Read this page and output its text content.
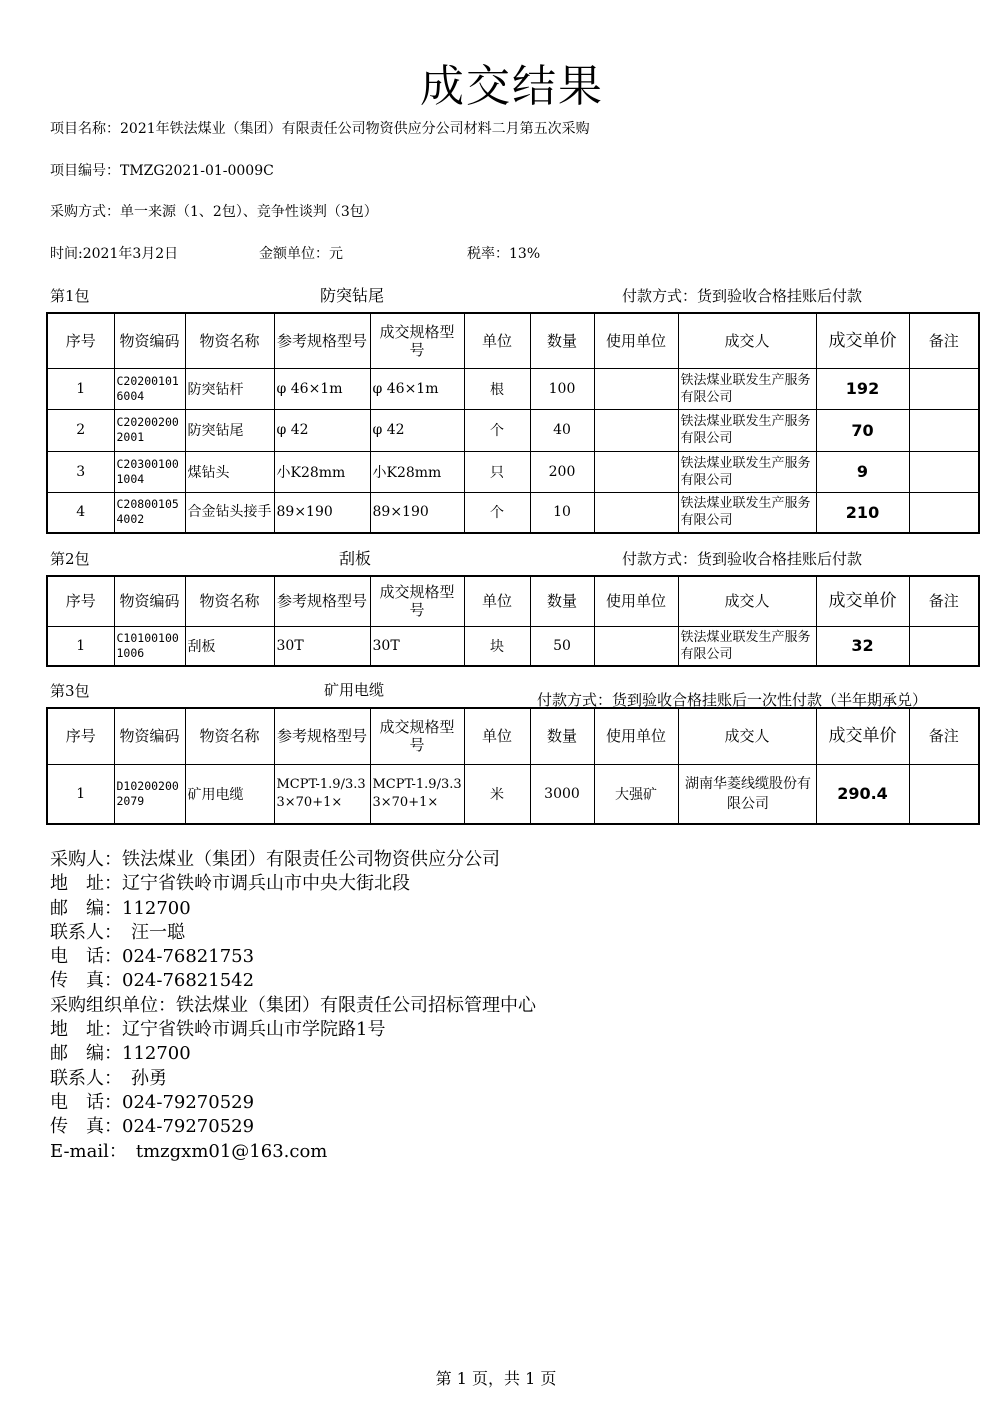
成交结果
项目名称：2021年铁法煤业（集团）有限责任公司物资供应分公司材料二月第五次采购
项目编号：TMZG2021-01-0009C
采购方式：单一来源（1、2包）、竞争性谈判（3包）
时间:2021年3月2日	金额单位：元	税率：13%
第1包	防突钻尾	付款方式：货到验收合格挂账后付款
序号	物资编码	物资名称	参考规格型号	成交规格型号	单位	数量	使用单位	成交人	成交单价	备注
1	C202001016004	防突钻杆	φ 46×1m	φ 46×1m	根	100		铁法煤业联发生产服务有限公司	192	
2	C202002002001	防突钻尾	φ 42	φ 42	个	40		铁法煤业联发生产服务有限公司	70	
3	C203001001004	煤钻头	小K28mm	小K28mm	只	200		铁法煤业联发生产服务有限公司	9	
4	C208001054002	合金钻头接手	89×190	89×190	个	10		铁法煤业联发生产服务有限公司	210	
第2包	刮板	付款方式：货到验收合格挂账后付款
序号	物资编码	物资名称	参考规格型号	成交规格型号	单位	数量	使用单位	成交人	成交单价	备注
1	C101001001006	刮板	30T	30T	块	50		铁法煤业联发生产服务有限公司	32	
第3包	矿用电缆
付款方式：货到验收合格挂账后一次性付款（半年期承兑）
序号	物资编码	物资名称	参考规格型号	成交规格型号	单位	数量	使用单位	成交人	成交单价	备注
1	D102002002079	矿用电缆	MCPT-1.9/3.3 3×70+1×	MCPT-1.9/3.3 3×70+1×	米	3000	大强矿	湖南华菱线缆股份有限公司	290.4	
采购人：铁法煤业（集团）有限责任公司物资供应分公司
地　址：辽宁省铁岭市调兵山市中央大街北段
邮　编：112700
联系人：　汪一聪
电　话：024-76821753
传　真：024-76821542
采购组织单位：铁法煤业（集团）有限责任公司招标管理中心
地　址：辽宁省铁岭市调兵山市学院路1号
邮　编：112700
联系人：　孙勇
电　话：024-79270529
传　真：024-79270529
E-mail：　tmzgxm01@163.com
第 1 页，共 1 页
